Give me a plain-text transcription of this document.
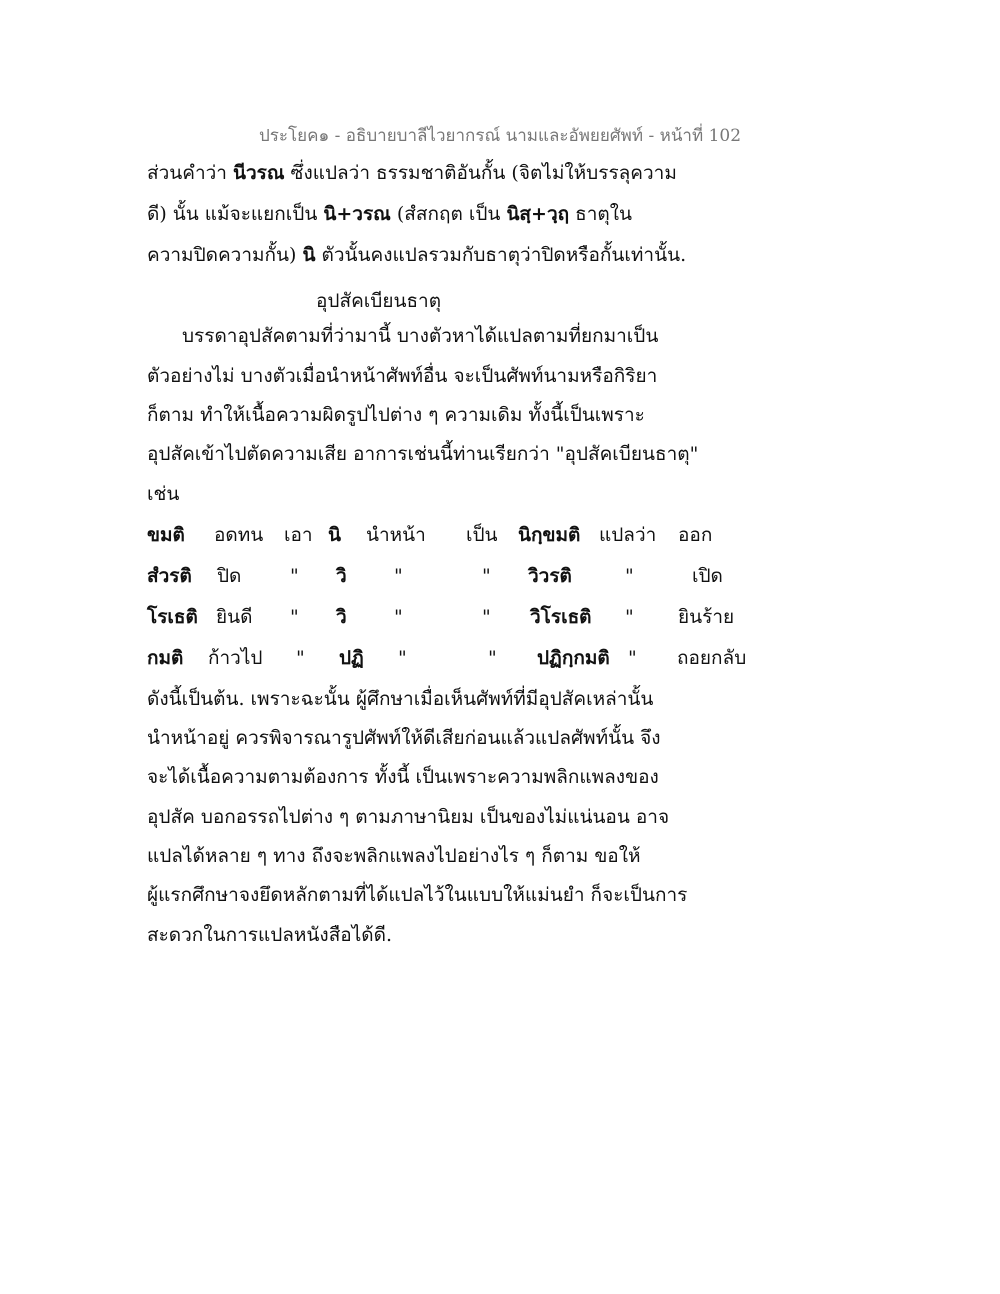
ประโยค๑ - อธิบายบาลีไวยากรณ์ นามและอัพยยศัพท์ - หน้าที่ 102
ส่วนคำว่า นีวรณ ซึ่งแปลว่า ธรรมชาติอันกั้น (จิตไม่ให้บรรลุความ
ดี) นั้น แม้จะแยกเป็น นิ+วรณ (สํสกฤต เป็น นิสฺ+วฺฤ ธาตุใน
ความปิดความกั้น) นิ ตัวนั้นคงแปลรวมกับธาตุว่าปิดหรือกั้นเท่านั้น.
อุปสัคเบียนธาตุ
บรรดาอุปสัคตามที่ว่ามานี้ บางตัวหาได้แปลตามที่ยกมาเป็น
ตัวอย่างไม่ บางตัวเมื่อนำหน้าศัพท์อื่น จะเป็นศัพท์นามหรือกิริยา
ก็ตาม ทำให้เนื้อความผิดรูปไปต่าง ๆ ความเดิม ทั้งนี้เป็นเพราะ
อุปสัคเข้าไปตัดความเสีย อาการเช่นนี้ท่านเรียกว่า "อุปสัคเบียนธาตุ"
เช่น
ขมติ อดทน เอา นิ นำหน้า เป็น นิกฺขมติ แปลว่า ออก
สํวรติ ปิด	" วิ "	" วิวรติ	"	เปิด
โรเธติ ยินดี " วิ "	" วิโรเธติ " ยินร้าย
กมติ ก้าวไป " ปฏิ "	" ปฏิกฺกมติ " ถอยกลับ
ดังนี้เป็นต้น. เพราะฉะนั้น ผู้ศึกษาเมื่อเห็นศัพท์ที่มีอุปสัคเหล่านั้น
นำหน้าอยู่ ควรพิจารณารูปศัพท์ให้ดีเสียก่อนแล้วแปลศัพท์นั้น จึง
จะได้เนื้อความตามต้องการ ทั้งนี้ เป็นเพราะความพลิกแพลงของ
อุปสัค บอกอรรถไปต่าง ๆ ตามภาษานิยม เป็นของไม่แน่นอน อาจ
แปลได้หลาย ๆ ทาง ถึงจะพลิกแพลงไปอย่างไร ๆ ก็ตาม ขอให้
ผู้แรกศึกษาจงยึดหลักตามที่ได้แปลไว้ในแบบให้แม่นยำ ก็จะเป็นการ
สะดวกในการแปลหนังสือได้ดี.
